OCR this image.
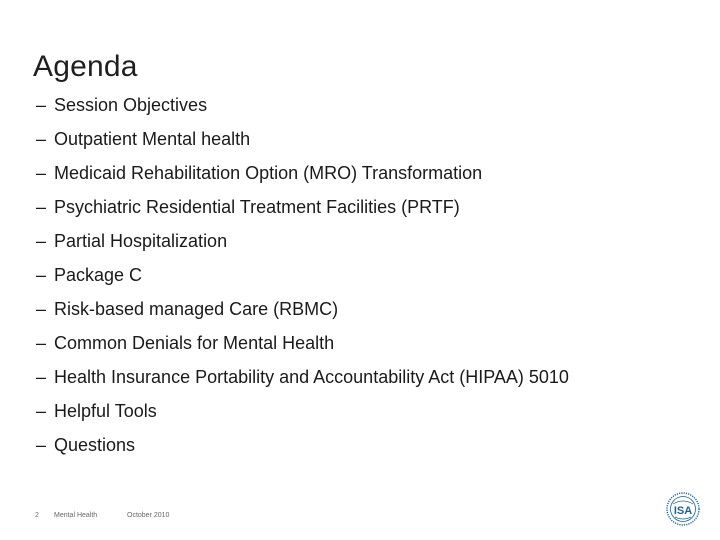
Agenda
– Session Objectives
– Outpatient Mental health
– Medicaid Rehabilitation Option (MRO) Transformation
– Psychiatric Residential Treatment Facilities (PRTF)
– Partial Hospitalization
– Package C
– Risk-based managed Care (RBMC)
– Common Denials for Mental Health
– Health Insurance Portability and Accountability Act (HIPAA) 5010
– Helpful Tools
– Questions
2 Mental Health	October 2010	ISA
